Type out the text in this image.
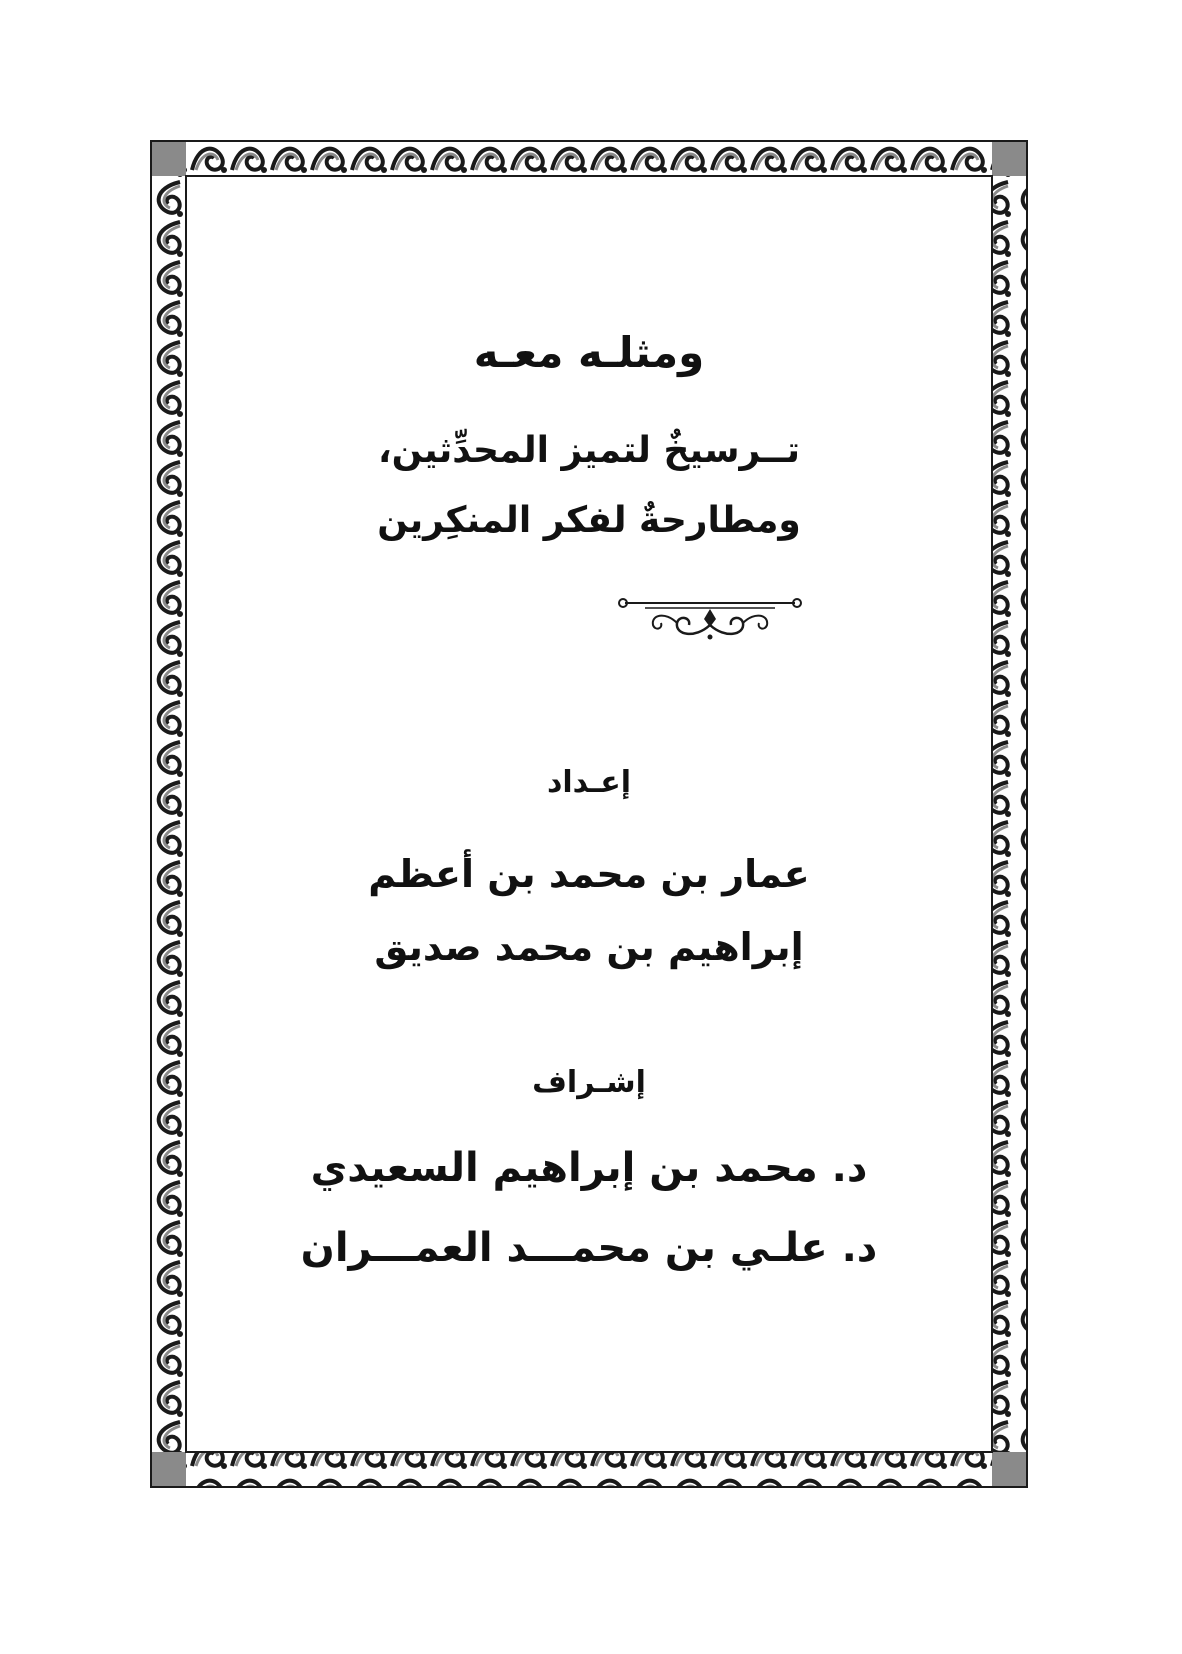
ومثلـه معـه
تــرسيخٌ لتميز المحدِّثين،
ومطارحةٌ لفكر المنكِرين
إعـداد
عمار بن محمد بن أعظم
إبراهيم بن محمد صديق
إشـراف
د. محمد بن إبراهيم السعيدي
د. علـي بن محمـــد العمـــران
